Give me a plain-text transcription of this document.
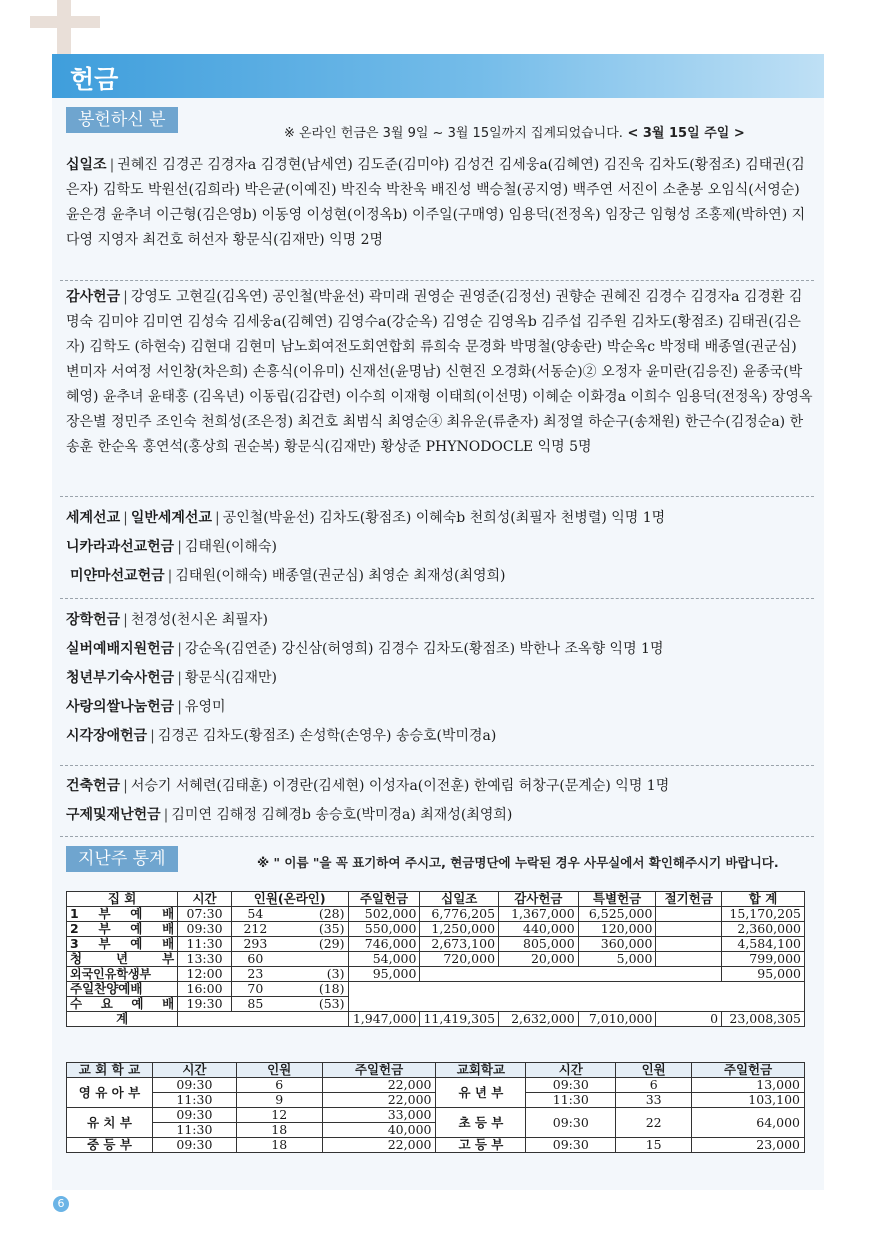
헌금
봉헌하신 분
※ 온라인 헌금은 3월 9일 ~ 3월 15일까지 집계되었습니다. < 3월 15일 주일 >

십일조 | 권혜진 김경곤 김경자a 김경현(남세연) 김도준(김미야) 김성건 김세웅a(김혜연) 김진욱 김차도(황점조) 김태권(김은자) 김학도 박원선(김희라) 박은균(이예진) 박진숙 박찬욱 배진성 백승철(공지영) 백주연 서진이 소춘봉 오임식(서영순) 윤은경 윤추녀 이근형(김은영b) 이동영 이성현(이정옥b) 이주일(구매영) 임용덕(전정옥) 임장근 임형성 조홍제(박하연) 지다영 지영자 최건호 허선자 황문식(김재만) 익명 2명

감사헌금 | 강영도 고현길(김옥연) 공인철(박윤선) 곽미래 권영순 권영준(김정선) 권향순 권혜진 김경수 김경자a 김경환 김명숙 김미야 김미연 김성숙 김세웅a(김혜연) 김영수a(강순옥) 김영순 김영옥b 김주섭 김주원 김차도(황점조) 김태권(김은자) 김학도 (하현숙) 김현대 김현미 남노회여전도회연합회 류희숙 문경화 박명철(양송란) 박순옥c 박정태 배종열(권군심) 변미자 서여정 서인창(차은희) 손흥식(이유미) 신재선(윤명남) 신현진 오경화(서동순)② 오정자 윤미란(김응진) 윤종국(박혜영) 윤추녀 윤태홍 (김옥년) 이동립(김갑련) 이수희 이재형 이태희(이선명) 이혜순 이화경a 이희수 임용덕(전정옥) 장영옥 장은별 정민주 조인숙 천희성(조은정) 최건호 최범식 최영순④ 최유운(류춘자) 최정열 하순구(송채원) 한근수(김정순a) 한송훈 한순옥 홍연석(홍상희 권순복) 황문식(김재만) 황상준 PHYNODOCLE 익명 5명

세계선교 | 일반세계선교 | 공인철(박윤선) 김차도(황점조) 이혜숙b 천희성(최필자 천병렬) 익명 1명

니카라과선교헌금 | 김태원(이해숙)

미얀마선교헌금 | 김태원(이해숙) 배종열(권군심) 최영순 최재성(최영희)

장학헌금 | 천경성(천시온 최필자)

실버예배지원헌금 | 강순옥(김연준) 강신삼(허영희) 김경수 김차도(황점조) 박한나 조옥향 익명 1명

청년부기숙사헌금 | 황문식(김재만)

사랑의쌀나눔헌금 | 유영미

시각장애헌금 | 김경곤 김차도(황점조) 손성학(손영우) 송승호(박미경a)

건축헌금 | 서승기 서혜련(김태훈) 이경란(김세현) 이성자a(이전훈) 한예림 허창구(문계순) 익명 1명

구제및재난헌금 | 김미연 김해정 김혜경b 송승호(박미경a) 최재성(최영희)

지난주 통계	※ " 이름 "을 꼭 표기하여 주시고, 현금명단에 누락된 경우 사무실에서 확인해주시기 바랍니다.
집 회	시간	인원(온라인)		주일헌금	십일조	감사헌금	특별헌금	절기헌금	합 계
1 부 예 배	07:30	54	(28)	502,000	6,776,205	1,367,000	6,525,000		15,170,205
2 부 예 배	09:30	212	(35)	550,000	1,250,000	440,000	120,000		2,360,000
3 부 예 배	11:30	293	(29)	746,000	2,673,100	805,000	360,000		4,584,100
청 년 부	13:30	60		54,000	720,000	20,000	5,000		799,000
외국인유학생부	12:00	23	(3)	95,000					95,000
주일찬양예배	16:00	70	(18)						
수 요 예 배	19:30	85	(53)						
계				1,947,000	11,419,305	2,632,000	7,010,000	0	23,008,305
교 회 학 교	시간	인원	주일헌금	교회학교	시간	인원	주일헌금
영 유 아 부	09:30	6	22,000	유 년 부	09:30	6	13,000
	11:30	9	22,000		11:30	33	103,100
유 치 부	09:30	12	33,000	초 등 부	09:30	22	64,000
	11:30	18	40,000				
중 등 부	09:30	18	22,000	고 등 부	09:30	15	23,000
6
